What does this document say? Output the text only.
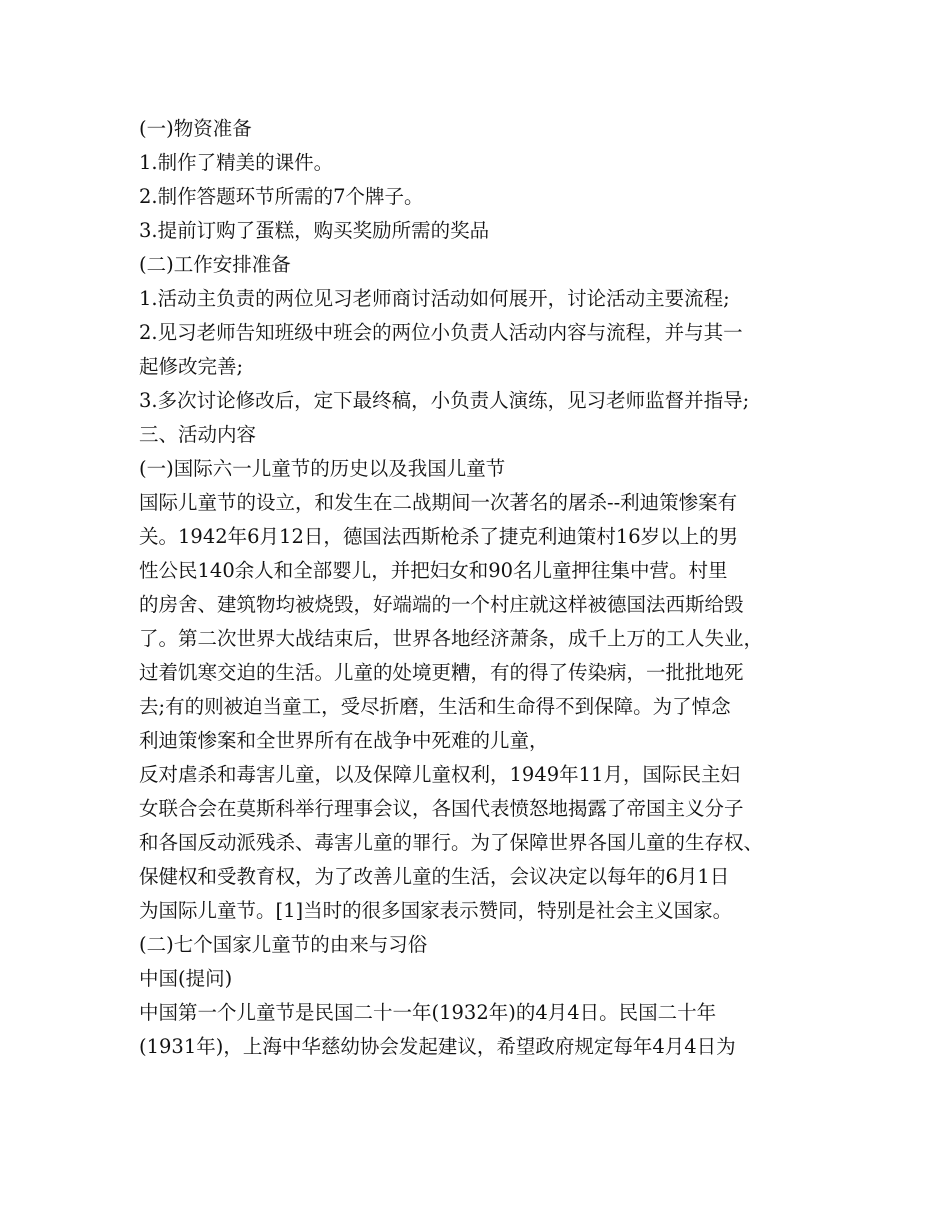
(一)物资准备
1.制作了精美的课件。
2.制作答题环节所需的7个牌子。
3.提前订购了蛋糕，购买奖励所需的奖品
(二)工作安排准备
1.活动主负责的两位见习老师商讨活动如何展开，讨论活动主要流程;
2.见习老师告知班级中班会的两位小负责人活动内容与流程，并与其一
起修改完善;
3.多次讨论修改后，定下最终稿，小负责人演练，见习老师监督并指导;
三、活动内容
(一)国际六一儿童节的历史以及我国儿童节
国际儿童节的设立，和发生在二战期间一次著名的屠杀--利迪策惨案有
关。1942年6月12日，德国法西斯枪杀了捷克利迪策村16岁以上的男
性公民140余人和全部婴儿，并把妇女和90名儿童押往集中营。村里
的房舍、建筑物均被烧毁，好端端的一个村庄就这样被德国法西斯给毁
了。第二次世界大战结束后，世界各地经济萧条，成千上万的工人失业，
过着饥寒交迫的生活。儿童的处境更糟，有的得了传染病，一批批地死
去;有的则被迫当童工，受尽折磨，生活和生命得不到保障。为了悼念
利迪策惨案和全世界所有在战争中死难的儿童，
反对虐杀和毒害儿童，以及保障儿童权利，1949年11月，国际民主妇
女联合会在莫斯科举行理事会议，各国代表愤怒地揭露了帝国主义分子
和各国反动派残杀、毒害儿童的罪行。为了保障世界各国儿童的生存权、
保健权和受教育权，为了改善儿童的生活，会议决定以每年的6月1日
为国际儿童节。[1]当时的很多国家表示赞同，特别是社会主义国家。
(二)七个国家儿童节的由来与习俗
中国(提问)
中国第一个儿童节是民国二十一年(1932年)的4月4日。民国二十年
(1931年)，上海中华慈幼协会发起建议，希望政府规定每年4月4日为
